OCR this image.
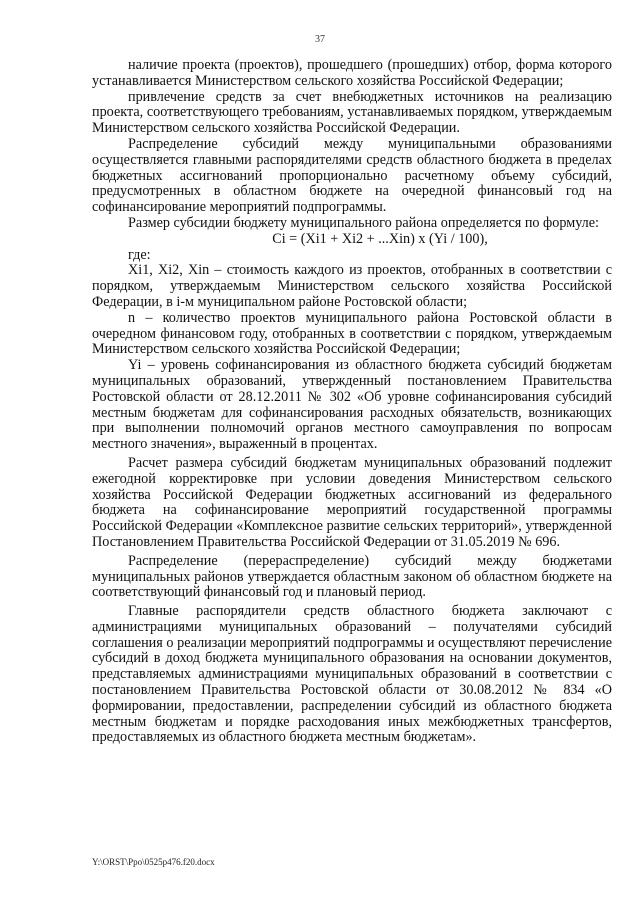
37

наличие проекта (проектов), прошедшего (прошедших) отбор, форма которого устанавливается Министерством сельского хозяйства Российской Федерации;

привлечение средств за счет внебюджетных источников на реализацию проекта, соответствующего требованиям, устанавливаемых порядком, утверждаемым Министерством сельского хозяйства Российской Федерации.

Распределение субсидий между муниципальными образованиями осуществляется главными распорядителями средств областного бюджета в пределах бюджетных ассигнований пропорционально расчетному объему субсидий, предусмотренных в областном бюджете на очередной финансовый год на софинансирование мероприятий подпрограммы.

Размер субсидии бюджету муниципального района определяется по формуле:

Ci = (Xi1 + Xi2 + ...Xin) x (Yi / 100),

где:

Xi1, Xi2, Xin – стоимость каждого из проектов, отобранных в соответствии с порядком, утверждаемым Министерством сельского хозяйства Российской Федерации, в i-м муниципальном районе Ростовской области;

n – количество проектов муниципального района Ростовской области в очередном финансовом году, отобранных в соответствии с порядком, утверждаемым Министерством сельского хозяйства Российской Федерации;

Yi – уровень софинансирования из областного бюджета субсидий бюджетам муниципальных образований, утвержденный постановлением Правительства Ростовской области от 28.12.2011 № 302 «Об уровне софинансирования субсидий местным бюджетам для софинансирования расходных обязательств, возникающих при выполнении полномочий органов местного самоуправления по вопросам местного значения», выраженный в процентах.

Расчет размера субсидий бюджетам муниципальных образований подлежит ежегодной корректировке при условии доведения Министерством сельского хозяйства Российской Федерации бюджетных ассигнований из федерального бюджета на софинансирование мероприятий государственной программы Российской Федерации «Комплексное развитие сельских территорий», утвержденной Постановлением Правительства Российской Федерации от 31.05.2019 № 696.

Распределение (перераспределение) субсидий между бюджетами муниципальных районов утверждается областным законом об областном бюджете на соответствующий финансовый год и плановый период.

Главные распорядители средств областного бюджета заключают с администрациями муниципальных образований – получателями субсидий соглашения о реализации мероприятий подпрограммы и осуществляют перечисление субсидий в доход бюджета муниципального образования на основании документов, представляемых администрациями муниципальных образований в соответствии с постановлением Правительства Ростовской области от 30.08.2012 № 834 «О формировании, предоставлении, распределении субсидий из областного бюджета местным бюджетам и порядке расходования иных межбюджетных трансфертов, предоставляемых из областного бюджета местным бюджетам».

Y:\ORST\Ppo\0525p476.f20.docx
